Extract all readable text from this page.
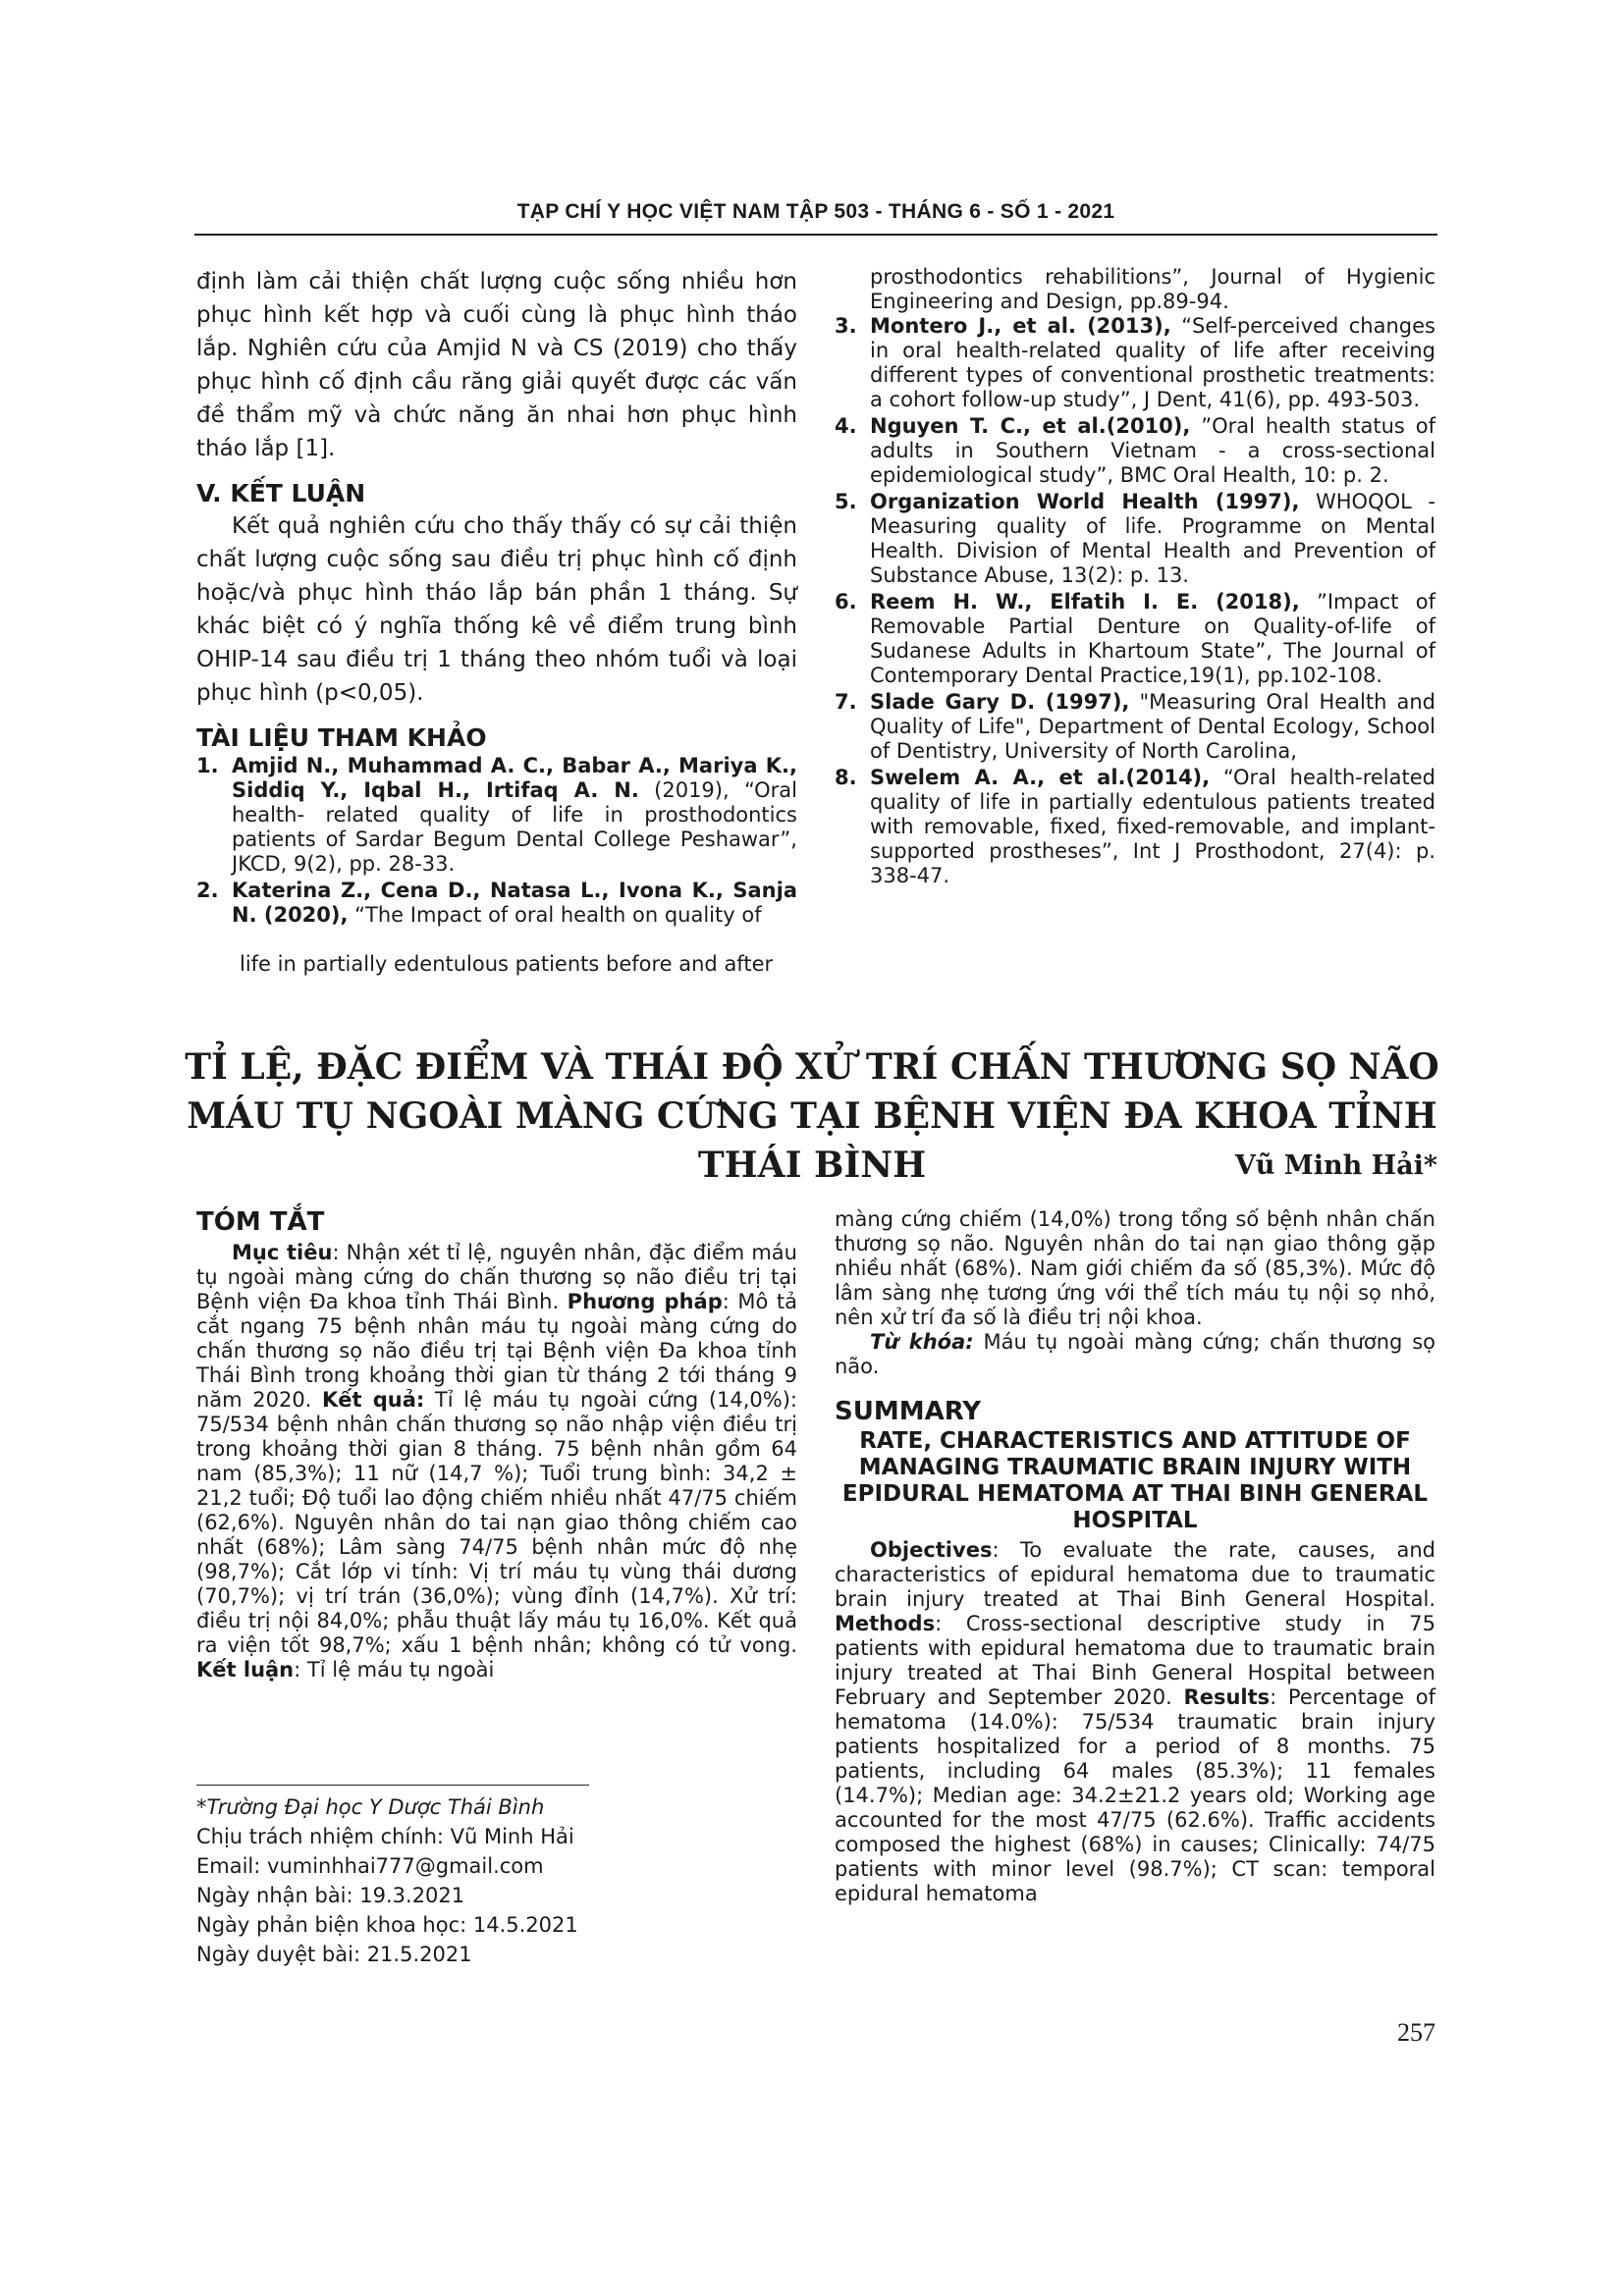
TẠP CHÍ Y HỌC VIỆT NAM TẬP 503 - THÁNG 6 - SỐ 1 - 2021

định làm cải thiện chất lượng cuộc sống nhiều hơn phục hình kết hợp và cuối cùng là phục hình tháo lắp. Nghiên cứu của Amjid N và CS (2019) cho thấy phục hình cố định cầu răng giải quyết được các vấn đề thẩm mỹ và chức năng ăn nhai hơn phục hình tháo lắp [1].

V. KẾT LUẬN

Kết quả nghiên cứu cho thấy thấy có sự cải thiện chất lượng cuộc sống sau điều trị phục hình cố định hoặc/và phục hình tháo lắp bán phần 1 tháng. Sự khác biệt có ý nghĩa thống kê về điểm trung bình OHIP-14 sau điều trị 1 tháng theo nhóm tuổi và loại phục hình (p<0,05).

TÀI LIỆU THAM KHẢO
1. Amjid N., Muhammad A. C., Babar A., Mariya K., Siddiq Y., Iqbal H., Irtifaq A. N. (2019), “Oral health- related quality of life in prosthodontics patients of Sardar Begum Dental College Peshawar”, JKCD, 9(2), pp. 28-33.
2. Katerina Z., Cena D., Natasa L., Ivona K., Sanja N. (2020), “The Impact of oral health on quality of
life in partially edentulous patients before and after

prosthodontics rehabilitions”, Journal of Hygienic Engineering and Design, pp.89-94.

3. Montero J., et al. (2013), “Self-perceived changes in oral health-related quality of life after receiving different types of conventional prosthetic treatments: a cohort follow-up study”, J Dent, 41(6), pp. 493-503.
4. Nguyen T. C., et al.(2010), ”Oral health status of adults in Southern Vietnam - a cross-sectional epidemiological study”, BMC Oral Health, 10: p. 2.
5. Organization World Health (1997), WHOQOL - Measuring quality of life. Programme on Mental Health. Division of Mental Health and Prevention of Substance Abuse, 13(2): p. 13.
6. Reem H. W., Elfatih I. E. (2018), ”Impact of Removable Partial Denture on Quality-of-life of Sudanese Adults in Khartoum State”, The Journal of Contemporary Dental Practice,19(1), pp.102-108.
7. Slade Gary D. (1997), "Measuring Oral Health and Quality of Life", Department of Dental Ecology, School of Dentistry, University of North Carolina,
8. Swelem A. A., et al.(2014), “Oral health-related quality of life in partially edentulous patients treated with removable, fixed, fixed-removable, and implant-supported prostheses”, Int J Prosthodont, 27(4): p. 338-47.
TỈ LỆ, ĐẶC ĐIỂM VÀ THÁI ĐỘ XỬ TRÍ CHẤN THƯƠNG SỌ NÃO MÁU TỤ NGOÀI MÀNG CỨNG TẠI BỆNH VIỆN ĐA KHOA TỈNH THÁI BÌNH	Vũ Minh Hải*
TÓM TẮT

Mục tiêu: Nhận xét tỉ lệ, nguyên nhân, đặc điểm máu tụ ngoài màng cứng do chấn thương sọ não điều trị tại Bệnh viện Đa khoa tỉnh Thái Bình. Phương pháp: Mô tả cắt ngang 75 bệnh nhân máu tụ ngoài màng cứng do chấn thương sọ não điều trị tại Bệnh viện Đa khoa tỉnh Thái Bình trong khoảng thời gian từ tháng 2 tới tháng 9 năm 2020. Kết quả: Tỉ lệ máu tụ ngoài cứng (14,0%): 75/534 bệnh nhân chấn thương sọ não nhập viện điều trị trong khoảng thời gian 8 tháng. 75 bệnh nhân gồm 64 nam (85,3%); 11 nữ (14,7 %); Tuổi trung bình: 34,2 ± 21,2 tuổi; Độ tuổi lao động chiếm nhiều nhất 47/75 chiếm (62,6%). Nguyên nhân do tai nạn giao thông chiếm cao nhất (68%); Lâm sàng 74/75 bệnh nhân mức độ nhẹ (98,7%); Cắt lớp vi tính: Vị trí máu tụ vùng thái dương (70,7%); vị trí trán (36,0%); vùng đỉnh (14,7%). Xử trí: điều trị nội 84,0%; phẫu thuật lấy máu tụ 16,0%. Kết quả ra viện tốt 98,7%; xấu 1 bệnh nhân; không có tử vong. Kết luận: Tỉ lệ máu tụ ngoài

*Trường Đại học Y Dược Thái Bình
Chịu trách nhiệm chính: Vũ Minh Hải
Email: vuminhhai777@gmail.com
Ngày nhận bài: 19.3.2021
Ngày phản biện khoa học: 14.5.2021
Ngày duyệt bài: 21.5.2021

màng cứng chiếm (14,0%) trong tổng số bệnh nhân chấn thương sọ não. Nguyên nhân do tai nạn giao thông gặp nhiều nhất (68%). Nam giới chiếm đa số (85,3%). Mức độ lâm sàng nhẹ tương ứng với thể tích máu tụ nội sọ nhỏ, nên xử trí đa số là điều trị nội khoa.

Từ khóa: Máu tụ ngoài màng cứng; chấn thương sọ não.

SUMMARY
RATE, CHARACTERISTICS AND ATTITUDE OF MANAGING TRAUMATIC BRAIN INJURY WITH EPIDURAL HEMATOMA AT THAI BINH GENERAL HOSPITAL

Objectives: To evaluate the rate, causes, and characteristics of epidural hematoma due to traumatic brain injury treated at Thai Binh General Hospital. Methods: Cross-sectional descriptive study in 75 patients with epidural hematoma due to traumatic brain injury treated at Thai Binh General Hospital between February and September 2020. Results: Percentage of hematoma (14.0%): 75/534 traumatic brain injury patients hospitalized for a period of 8 months. 75 patients, including 64 males (85.3%); 11 females (14.7%); Median age: 34.2±21.2 years old; Working age accounted for the most 47/75 (62.6%). Traffic accidents composed the highest (68%) in causes; Clinically: 74/75 patients with minor level (98.7%); CT scan: temporal epidural hematoma

257
